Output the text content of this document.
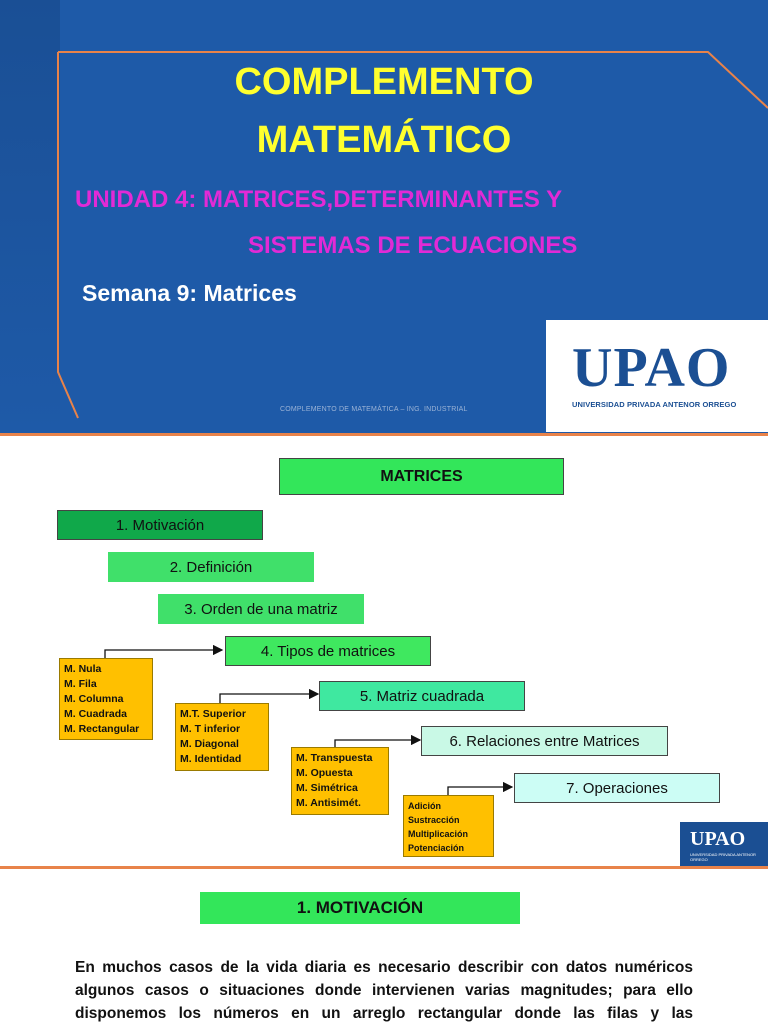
COMPLEMENTO
MATEMÁTICO
UNIDAD 4: MATRICES,DETERMINANTES Y
SISTEMAS DE ECUACIONES
Semana 9: Matrices
COMPLEMENTO DE MATEMÁTICA – ING. INDUSTRIAL
UPAO
UNIVERSIDAD PRIVADA ANTENOR ORREGO
MATRICES
1. Motivación
2. Definición
3. Orden de una matriz
4. Tipos de matrices
5. Matriz cuadrada
6. Relaciones entre Matrices
7. Operaciones
M. Nula
M. Fila
M. Columna
M. Cuadrada
M. Rectangular
M.T. Superior
M. T inferior
M. Diagonal
M. Identidad	M. Transpuesta
M. Opuesta
M. Simétrica
M. Antisimét.	Adición
Sustracción
Multiplicación
Potenciación	UPAO
UNIVERSIDAD PRIVADA ANTENOR ORREGO
1. MOTIVACIÓN
En muchos casos de la vida diaria es necesario describir con datos numéricos
algunos casos o situaciones donde intervienen varias magnitudes; para ello
disponemos los números en un arreglo rectangular donde las filas y las
